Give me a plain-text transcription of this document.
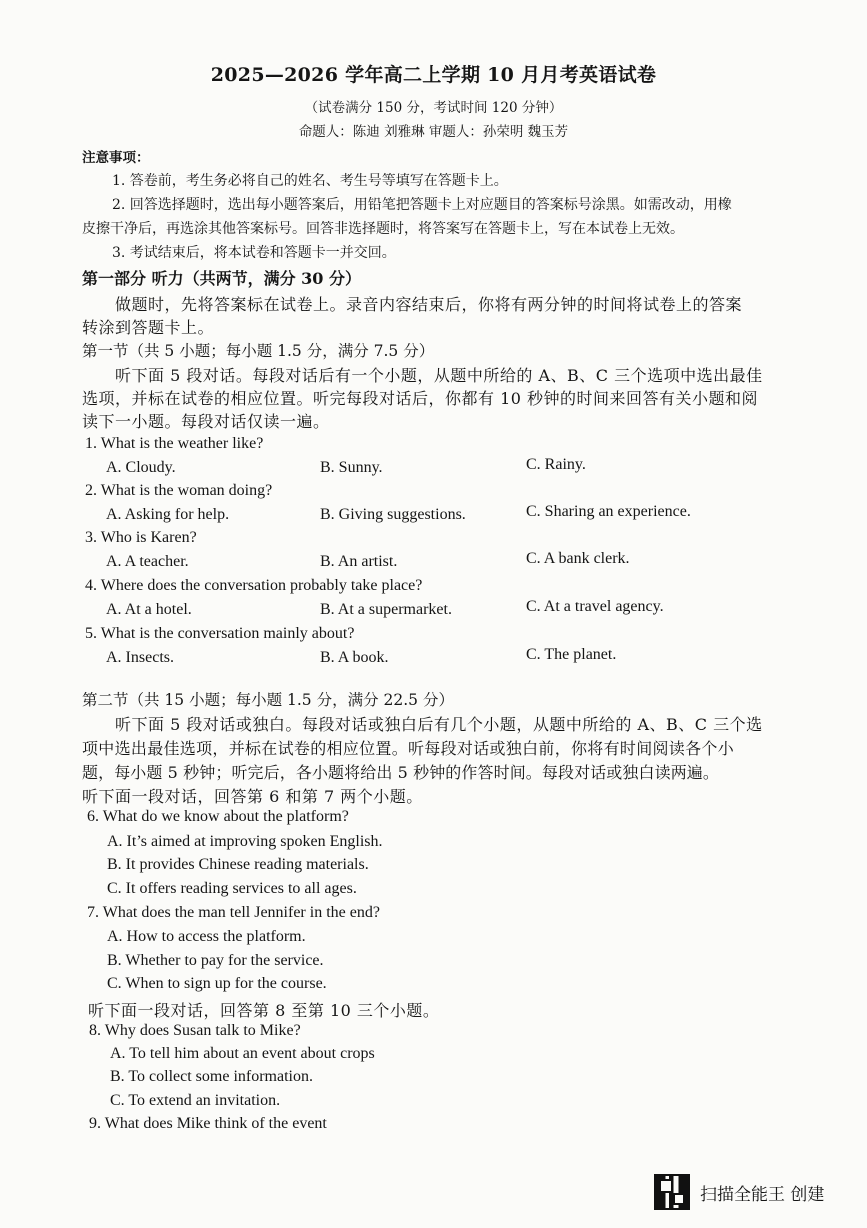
2025—2026 学年高二上学期 10 月月考英语试卷
（试卷满分 150 分，考试时间 120 分钟）
命题人：陈迪 刘雅琳 审题人：孙荣明 魏玉芳
注意事项：
1. 答卷前，考生务必将自己的姓名、考生号等填写在答题卡上。
2. 回答选择题时，选出每小题答案后，用铅笔把答题卡上对应题目的答案标号涂黑。如需改动，用橡
皮擦干净后，再选涂其他答案标号。回答非选择题时，将答案写在答题卡上，写在本试卷上无效。
3. 考试结束后，将本试卷和答题卡一并交回。
第一部分 听力（共两节，满分 30 分）
做题时，先将答案标在试卷上。录音内容结束后，你将有两分钟的时间将试卷上的答案
转涂到答题卡上。
第一节（共 5 小题；每小题 1.5 分，满分 7.5 分）
听下面 5 段对话。每段对话后有一个小题，从题中所给的 A、B、C 三个选项中选出最佳
选项，并标在试卷的相应位置。听完每段对话后，你都有 10 秒钟的时间来回答有关小题和阅
读下一小题。每段对话仅读一遍。
1. What is the weather like?
A. Cloudy.	B. Sunny.	C. Rainy.
2. What is the woman doing?
A. Asking for help.	B. Giving suggestions.	C. Sharing an experience.
3. Who is Karen?
A. A teacher.	B. An artist.	C. A bank clerk.
4. Where does the conversation probably take place?
A. At a hotel.	B. At a supermarket.	C. At a travel agency.
5. What is the conversation mainly about?
A. Insects.	B. A book.	C. The planet.
第二节（共 15 小题；每小题 1.5 分，满分 22.5 分）
听下面 5 段对话或独白。每段对话或独白后有几个小题，从题中所给的 A、B、C 三个选
项中选出最佳选项，并标在试卷的相应位置。听每段对话或独白前，你将有时间阅读各个小
题，每小题 5 秒钟；听完后，各小题将给出 5 秒钟的作答时间。每段对话或独白读两遍。
听下面一段对话，回答第 6 和第 7 两个小题。
6. What do we know about the platform?
A. It’s aimed at improving spoken English.
B. It provides Chinese reading materials.
C. It offers reading services to all ages.
7. What does the man tell Jennifer in the end?
A. How to access the platform.
B. Whether to pay for the service.
C. When to sign up for the course.
听下面一段对话，回答第 8 至第 10 三个小题。
8. Why does Susan talk to Mike?
A. To tell him about an event about crops
B. To collect some information.
C. To extend an invitation.
9. What does Mike think of the event
扫描全能王 创建
